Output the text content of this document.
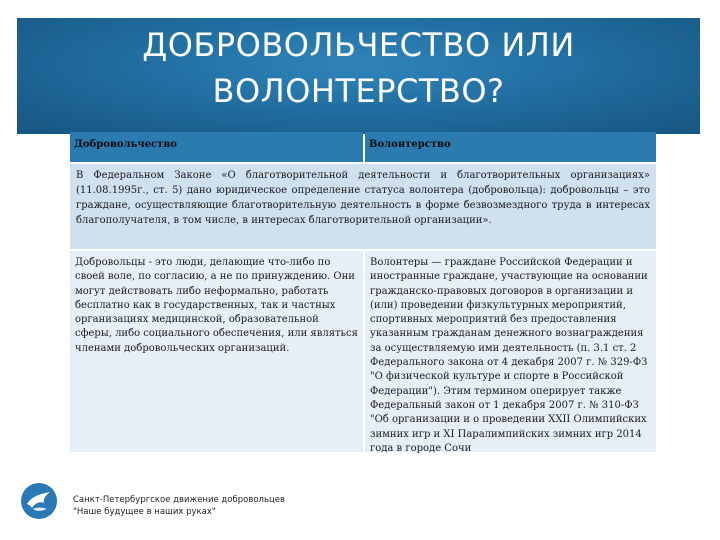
ДОБРОВОЛЬЧЕСТВО ИЛИ
ВОЛОНТЕРСТВО?
Добровольчество	Волонтерство
В Федеральном Законе «О благотворительной деятельности и благотворительных организациях» (11.08.1995г., ст. 5) дано юридическое определение статуса волонтера (добровольца): добровольцы – это граждане, осуществляющие благотворительную деятельность в форме безвозмездного труда в интересах благополучателя, в том числе, в интересах благотворительной организации».
Добровольцы - это люди, делающие что-либо по своей воле, по согласию, а не по принуждению. Они могут действовать либо неформально, работать бесплатно как в государственных, так и частных организациях медицинской, образовательной сферы, либо социального обеспечения, или являться членами добровольческих организаций.
Волонтеры — граждане Российской Федерации и иностранные граждане, участвующие на основании гражданско-правовых договоров в организации и (или) проведении физкультурных мероприятий, спортивных мероприятий без предоставления указанным гражданам денежного вознаграждения за осуществляемую ими деятельность (п. 3.1 ст. 2 Федерального закона от 4 декабря 2007 г. № 329-ФЗ "О физической культуре и спорте в Российской Федерации"). Этим термином оперирует также Федеральный закон от 1 декабря 2007 г. № 310-ФЗ "Об организации и о проведении XXII Олимпийских зимних игр и XI Паралимпийских зимних игр 2014 года в городе Сочи
Санкт-Петербургское движение добровольцев
"Наше будущее в наших руках"
